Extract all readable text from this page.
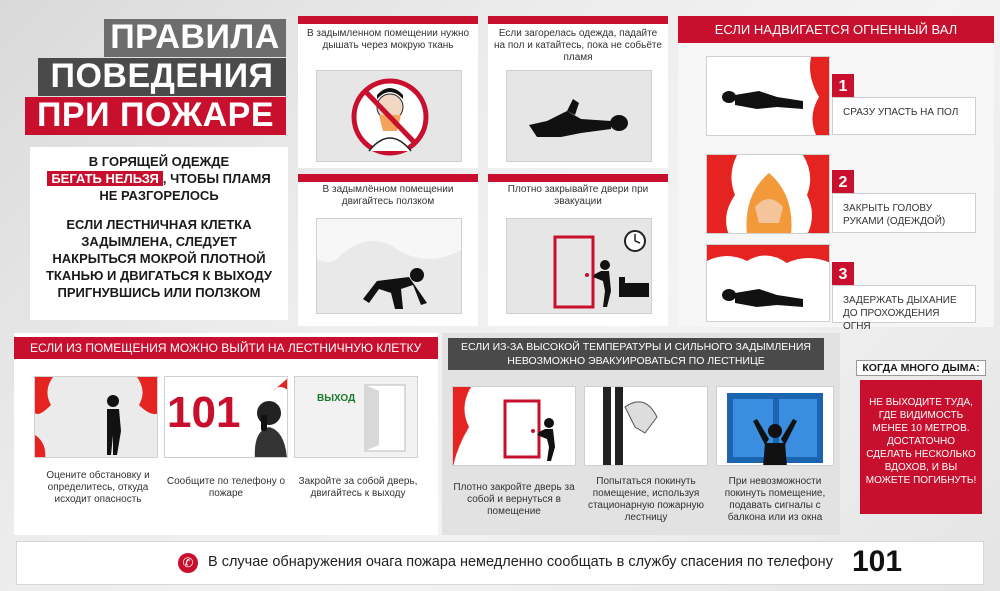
ПРАВИЛА
ПОВЕДЕНИЯ
ПРИ ПОЖАРЕ
В ГОРЯЩЕЙ ОДЕЖДЕ
БЕГАТЬ НЕЛЬЗЯ , ЧТОБЫ ПЛАМЯ НЕ РАЗГОРЕЛОСЬ
ЕСЛИ ЛЕСТНИЧНАЯ КЛЕТКА ЗАДЫМЛЕНА, СЛЕДУЕТ НАКРЫТЬСЯ МОКРОЙ ПЛОТНОЙ ТКАНЬЮ И ДВИГАТЬСЯ К ВЫХОДУ ПРИГНУВШИСЬ ИЛИ ПОЛЗКОМ
В задымленном помещении нужно дышать через мокрую ткань
Если загорелась одежда, падайте на пол и катайтесь, пока не собьёте пламя
В задымлённом помещении двигайтесь ползком
Плотно закрывайте двери при эвакуации
ЕСЛИ НАДВИГАЕТСЯ ОГНЕННЫЙ ВАЛ
1
СРАЗУ УПАСТЬ НА ПОЛ
2
ЗАКРЫТЬ ГОЛОВУ РУКАМИ (ОДЕЖДОЙ)
3
ЗАДЕРЖАТЬ ДЫХАНИЕ ДО ПРОХОЖДЕНИЯ ОГНЯ
ЕСЛИ ИЗ ПОМЕЩЕНИЯ МОЖНО ВЫЙТИ НА ЛЕСТНИЧНУЮ КЛЕТКУ
101	ВЫХОД
Оцените обстановку и определитесь, откуда исходит опасность
Сообщите по телефону о пожаре
Закройте за собой дверь, двигайтесь к выходу
ЕСЛИ ИЗ-ЗА ВЫСОКОЙ ТЕМПЕРАТУРЫ И СИЛЬНОГО ЗАДЫМЛЕНИЯ
НЕВОЗМОЖНО ЭВАКУИРОВАТЬСЯ ПО ЛЕСТНИЦЕ
Плотно закройте дверь за собой и вернуться в помещение
Попытаться покинуть помещение, используя стационарную пожарную лестницу
При невозможности покинуть помещение, подавать сигналы с балкона или из окна
КОГДА МНОГО ДЫМА:
НЕ ВЫХОДИТЕ ТУДА, ГДЕ ВИДИМОСТЬ МЕНЕЕ 10 МЕТРОВ. ДОСТАТОЧНО СДЕЛАТЬ НЕСКОЛЬКО ВДОХОВ, И ВЫ МОЖЕТЕ ПОГИБНУТЬ!
✆	В случае обнаружения очага пожара немедленно сообщать в службу спасения по телефону 101
